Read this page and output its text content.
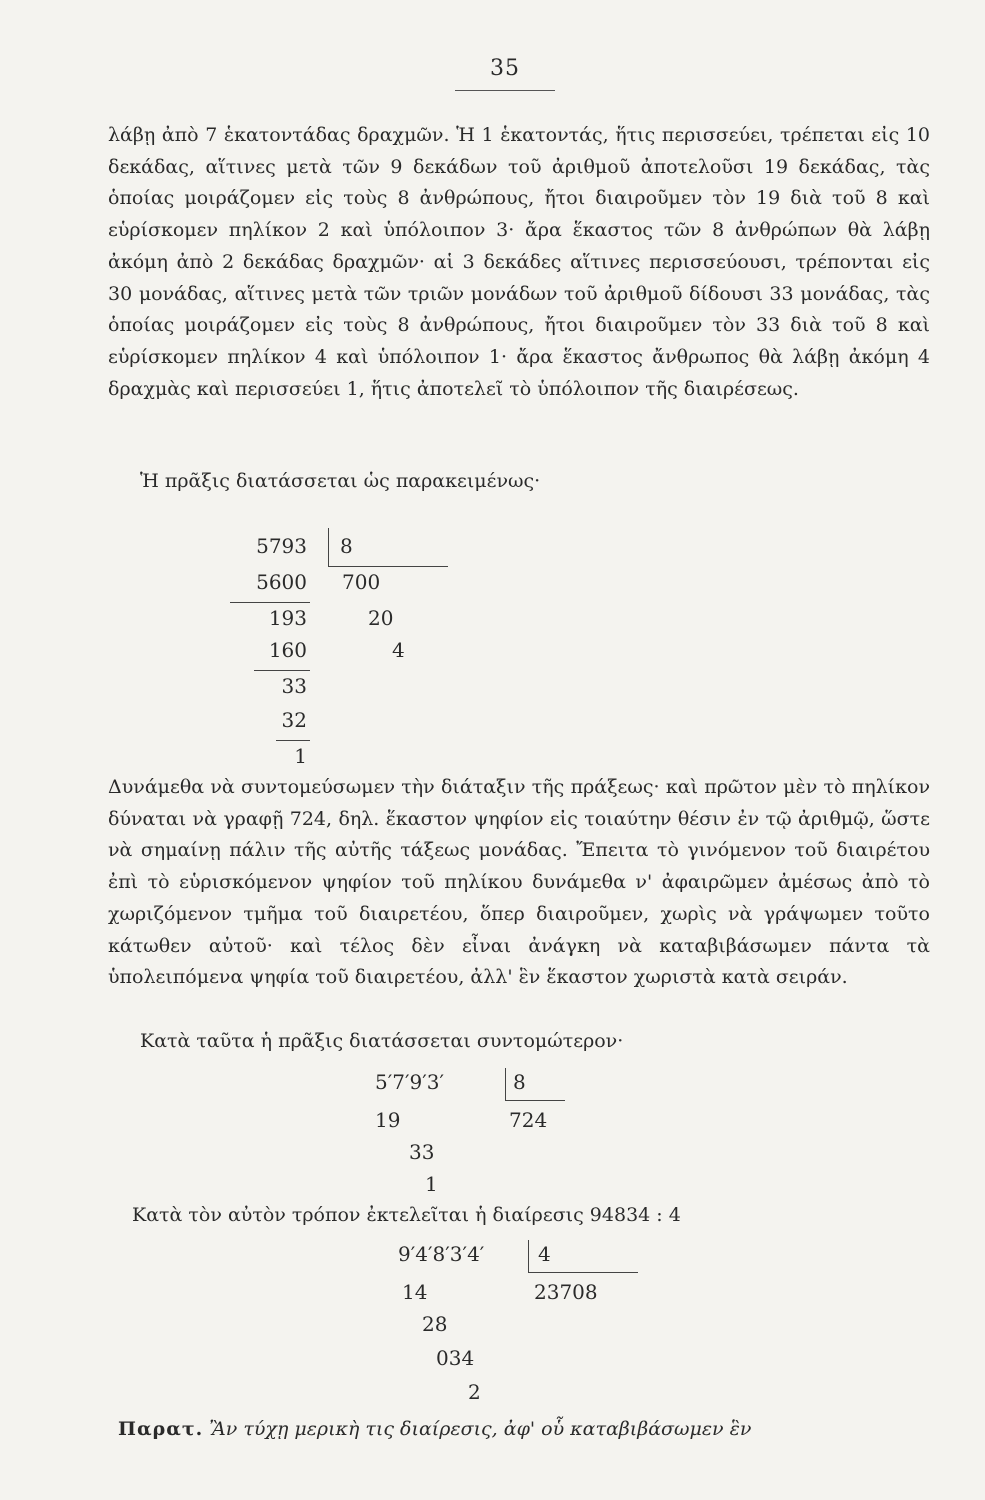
35

λάβῃ ἀπὸ 7 ἑκατοντάδας δραχμῶν. Ἡ 1 ἑκατοντάς, ἥτις περισσεύει, τρέπεται εἰς 10 δεκάδας, αἵτινες μετὰ τῶν 9 δεκάδων τοῦ ἀριθμοῦ ἀποτελοῦσι 19 δεκάδας, τὰς ὁποίας μοιράζομεν εἰς τοὺς 8 ἀνθρώπους, ἤτοι διαιροῦμεν τὸν 19 διὰ τοῦ 8 καὶ εὑρίσκομεν πηλίκον 2 καὶ ὑπόλοιπον 3· ἄρα ἕκαστος τῶν 8 ἀνθρώπων θὰ λάβῃ ἀκόμη ἀπὸ 2 δεκάδας δραχμῶν· αἱ 3 δεκάδες αἵτινες περισσεύουσι, τρέπονται εἰς 30 μονάδας, αἵτινες μετὰ τῶν τριῶν μονάδων τοῦ ἀριθμοῦ δίδουσι 33 μονάδας, τὰς ὁποίας μοιράζομεν εἰς τοὺς 8 ἀνθρώπους, ἤτοι διαιροῦμεν τὸν 33 διὰ τοῦ 8 καὶ εὑρίσκομεν πηλίκον 4 καὶ ὑπόλοιπον 1· ἄρα ἕκαστος ἄνθρωπος θὰ λάβῃ ἀκόμη 4 δραχμὰς καὶ περισσεύει 1, ἥτις ἀποτελεῖ τὸ ὑπόλοιπον τῆς διαιρέσεως.

Ἡ πρᾶξις διατάσσεται ὡς παρακειμένως·
5793 8
5600 700
193	20
160	4
33
32
1

Δυνάμεθα νὰ συντομεύσωμεν τὴν διάταξιν τῆς πράξεως· καὶ πρῶτον μὲν τὸ πηλίκον δύναται νὰ γραφῇ 724, δηλ. ἕκαστον ψηφίον εἰς τοιαύτην θέσιν ἐν τῷ ἀριθμῷ, ὥστε νὰ σημαίνῃ πάλιν τῆς αὐτῆς τάξεως μονάδας. Ἔπειτα τὸ γινόμενον τοῦ διαιρέτου ἐπὶ τὸ εὑρισκόμενον ψηφίον τοῦ πηλίκου δυνάμεθα ν' ἀφαιρῶμεν ἀμέσως ἀπὸ τὸ χωριζόμενον τμῆμα τοῦ διαιρετέου, ὅπερ διαιροῦμεν, χωρὶς νὰ γράψωμεν τοῦτο κάτωθεν αὐτοῦ· καὶ τέλος δὲν εἶναι ἀνάγκη νὰ καταβιβάσωμεν πάντα τὰ ὑπολειπόμενα ψηφία τοῦ διαιρετέου, ἀλλ' ἓν ἕκαστον χωριστὰ κατὰ σειράν.

Κατὰ ταῦτα ἡ πρᾶξις διατάσσεται συντομώτερον·
5′7′9′3′	8
19	724
33
1
Κατὰ τὸν αὐτὸν τρόπον ἐκτελεῖται ἡ διαίρεσις 94834 : 4
9′4′8′3′4′	4
14	23708
28
034
2
Παρατ. Ἂν τύχῃ μερικὴ τις διαίρεσις, ἀφ' οὗ καταβιβάσωμεν ἓν
